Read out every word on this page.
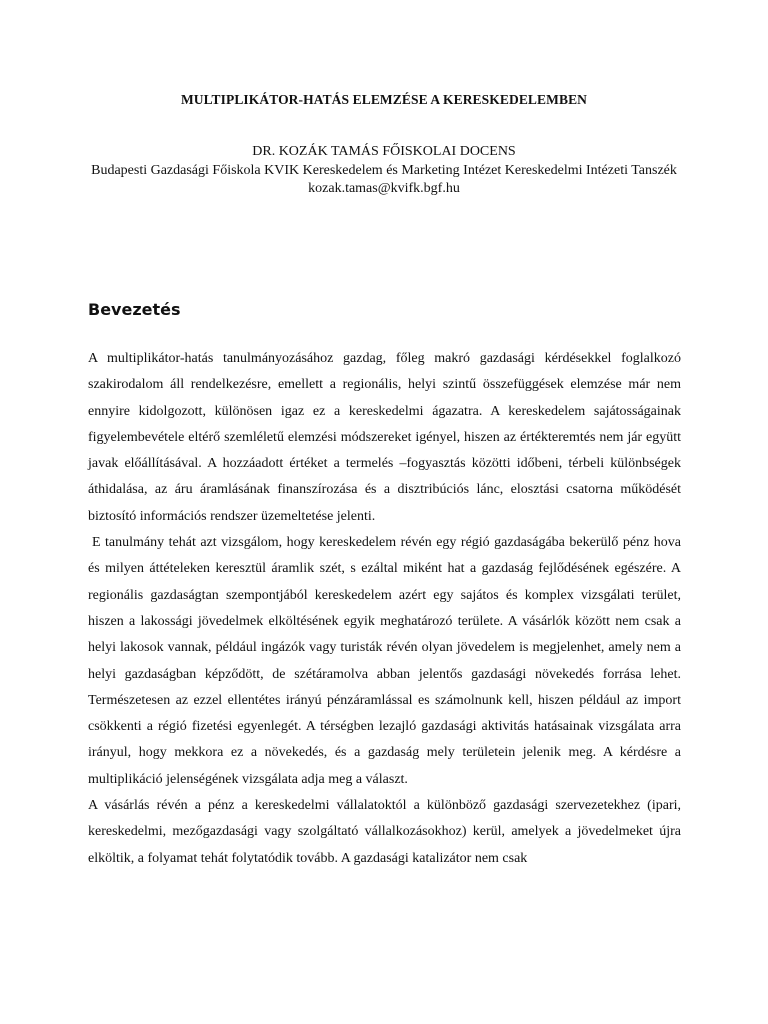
MULTIPLIKÁTOR-HATÁS ELEMZÉSE A KERESKEDELEMBEN
DR. KOZÁK TAMÁS FŐISKOLAI DOCENS
Budapesti Gazdasági Főiskola KVIK Kereskedelem és Marketing Intézet Kereskedelmi Intézeti Tanszék
kozak.tamas@kvifk.bgf.hu
Bevezetés

A multiplikátor-hatás tanulmányozásához gazdag, főleg makró gazdasági kérdésekkel foglalkozó szakirodalom áll rendelkezésre, emellett a regionális, helyi szintű összefüggések elemzése már nem ennyire kidolgozott, különösen igaz ez a kereskedelmi ágazatra. A kereskedelem sajátosságainak figyelembevétele eltérő szemléletű elemzési módszereket igényel, hiszen az értékteremtés nem jár együtt javak előállításával. A hozzáadott értéket a termelés –fogyasztás közötti időbeni, térbeli különbségek áthidalása, az áru áramlásának finanszírozása és a disztribúciós lánc, elosztási csatorna működését biztosító információs rendszer üzemeltetése jelenti.

E tanulmány tehát azt vizsgálom, hogy kereskedelem révén egy régió gazdaságába bekerülő pénz hova és milyen áttételeken keresztül áramlik szét, s ezáltal miként hat a gazdaság fejlődésének egészére. A regionális gazdaságtan szempontjából kereskedelem azért egy sajátos és komplex vizsgálati terület, hiszen a lakossági jövedelmek elköltésének egyik meghatározó területe. A vásárlók között nem csak a helyi lakosok vannak, például ingázók vagy turisták révén olyan jövedelem is megjelenhet, amely nem a helyi gazdaságban képződött, de szétáramolva abban jelentős gazdasági növekedés forrása lehet. Természetesen az ezzel ellentétes irányú pénzáramlással es számolnunk kell, hiszen például az import csökkenti a régió fizetési egyenlegét. A térségben lezajló gazdasági aktivitás hatásainak vizsgálata arra irányul, hogy mekkora ez a növekedés, és a gazdaság mely területein jelenik meg. A kérdésre a multiplikáció jelenségének vizsgálata adja meg a választ.

A vásárlás révén a pénz a kereskedelmi vállalatoktól a különböző gazdasági szervezetekhez (ipari, kereskedelmi, mezőgazdasági vagy szolgáltató vállalkozásokhoz) kerül, amelyek a jövedelmeket újra elköltik, a folyamat tehát folytatódik tovább. A gazdasági katalizátor nem csak
